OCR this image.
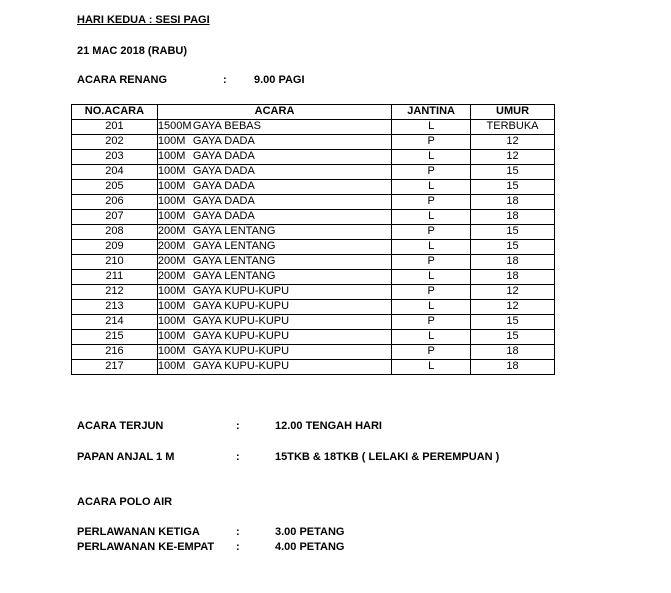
HARI KEDUA : SESI PAGI
21 MAC 2018 (RABU)
ACARA RENANG	: 9.00 PAGI
NO.ACARA	ACARA	JANTINA	UMUR
201	1500MGAYA BEBAS	L	TERBUKA
202	100M GAYA DADA	P	12
203	100M GAYA DADA	L	12
204	100M GAYA DADA	P	15
205	100M GAYA DADA	L	15
206	100M GAYA DADA	P	18
207	100M GAYA DADA	L	18
208	200M GAYA LENTANG	P	15
209	200M GAYA LENTANG	L	15
210	200M GAYA LENTANG	P	18
211	200M GAYA LENTANG	L	18
212	100M GAYA KUPU-KUPU	P	12
213	100M GAYA KUPU-KUPU	L	12
214	100M GAYA KUPU-KUPU	P	15
215	100M GAYA KUPU-KUPU	L	15
216	100M GAYA KUPU-KUPU	P	18
217	100M GAYA KUPU-KUPU	L	18
ACARA TERJUN	:	12.00 TENGAH HARI
PAPAN ANJAL 1 M	:	15TKB & 18TKB ( LELAKI & PEREMPUAN )
ACARA POLO AIR
PERLAWANAN KETIGA	:	3.00 PETANG
PERLAWANAN KE-EMPAT :	4.00 PETANG
